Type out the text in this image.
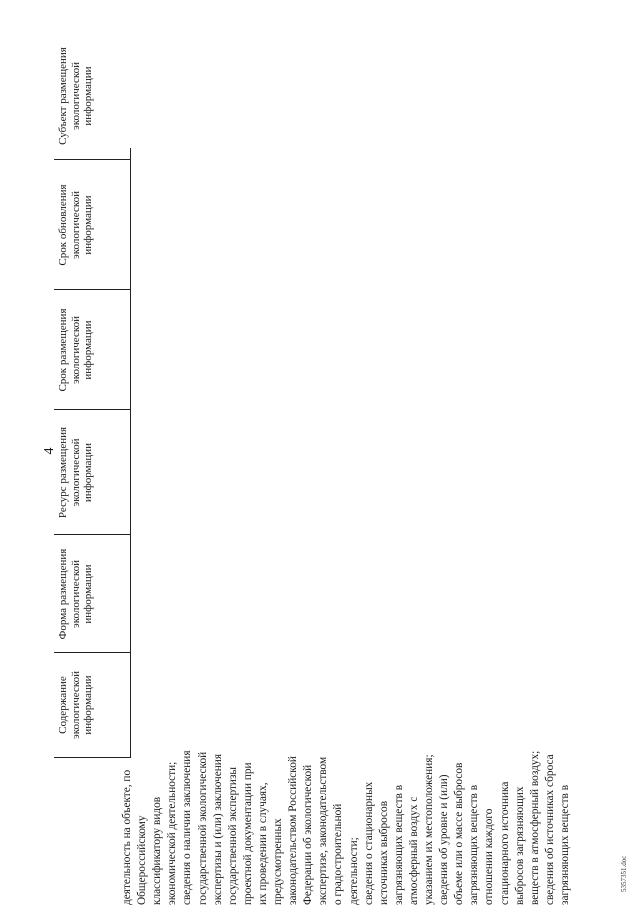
4
Содержание экологической информации
Форма размещения экологической информации
Ресурс размещения экологической информации
Срок размещения экологической информации
Срок обновления экологической информации
Субъект размещения экологической информации
деятельность на объекте, по Общероссийскому классификатору видов экономической деятельности; сведения о наличии заключения государственной экологической экспертизы и (или) заключения государственной экспертизы проектной документации при их проведении в случаях, предусмотренных законодательством Российской Федерации об экологической экспертизе, законодательством о градостроительной деятельности; сведения о стационарных источниках выбросов загрязняющих веществ в атмосферный воздух с указанием их местоположения; сведения об уровне и (или) объеме или о массе выбросов загрязняющих веществ в отношении каждого стационарного источника выбросов загрязняющих веществ в атмосферный воздух; сведения об источниках сброса загрязняющих веществ в	5357351.doc
